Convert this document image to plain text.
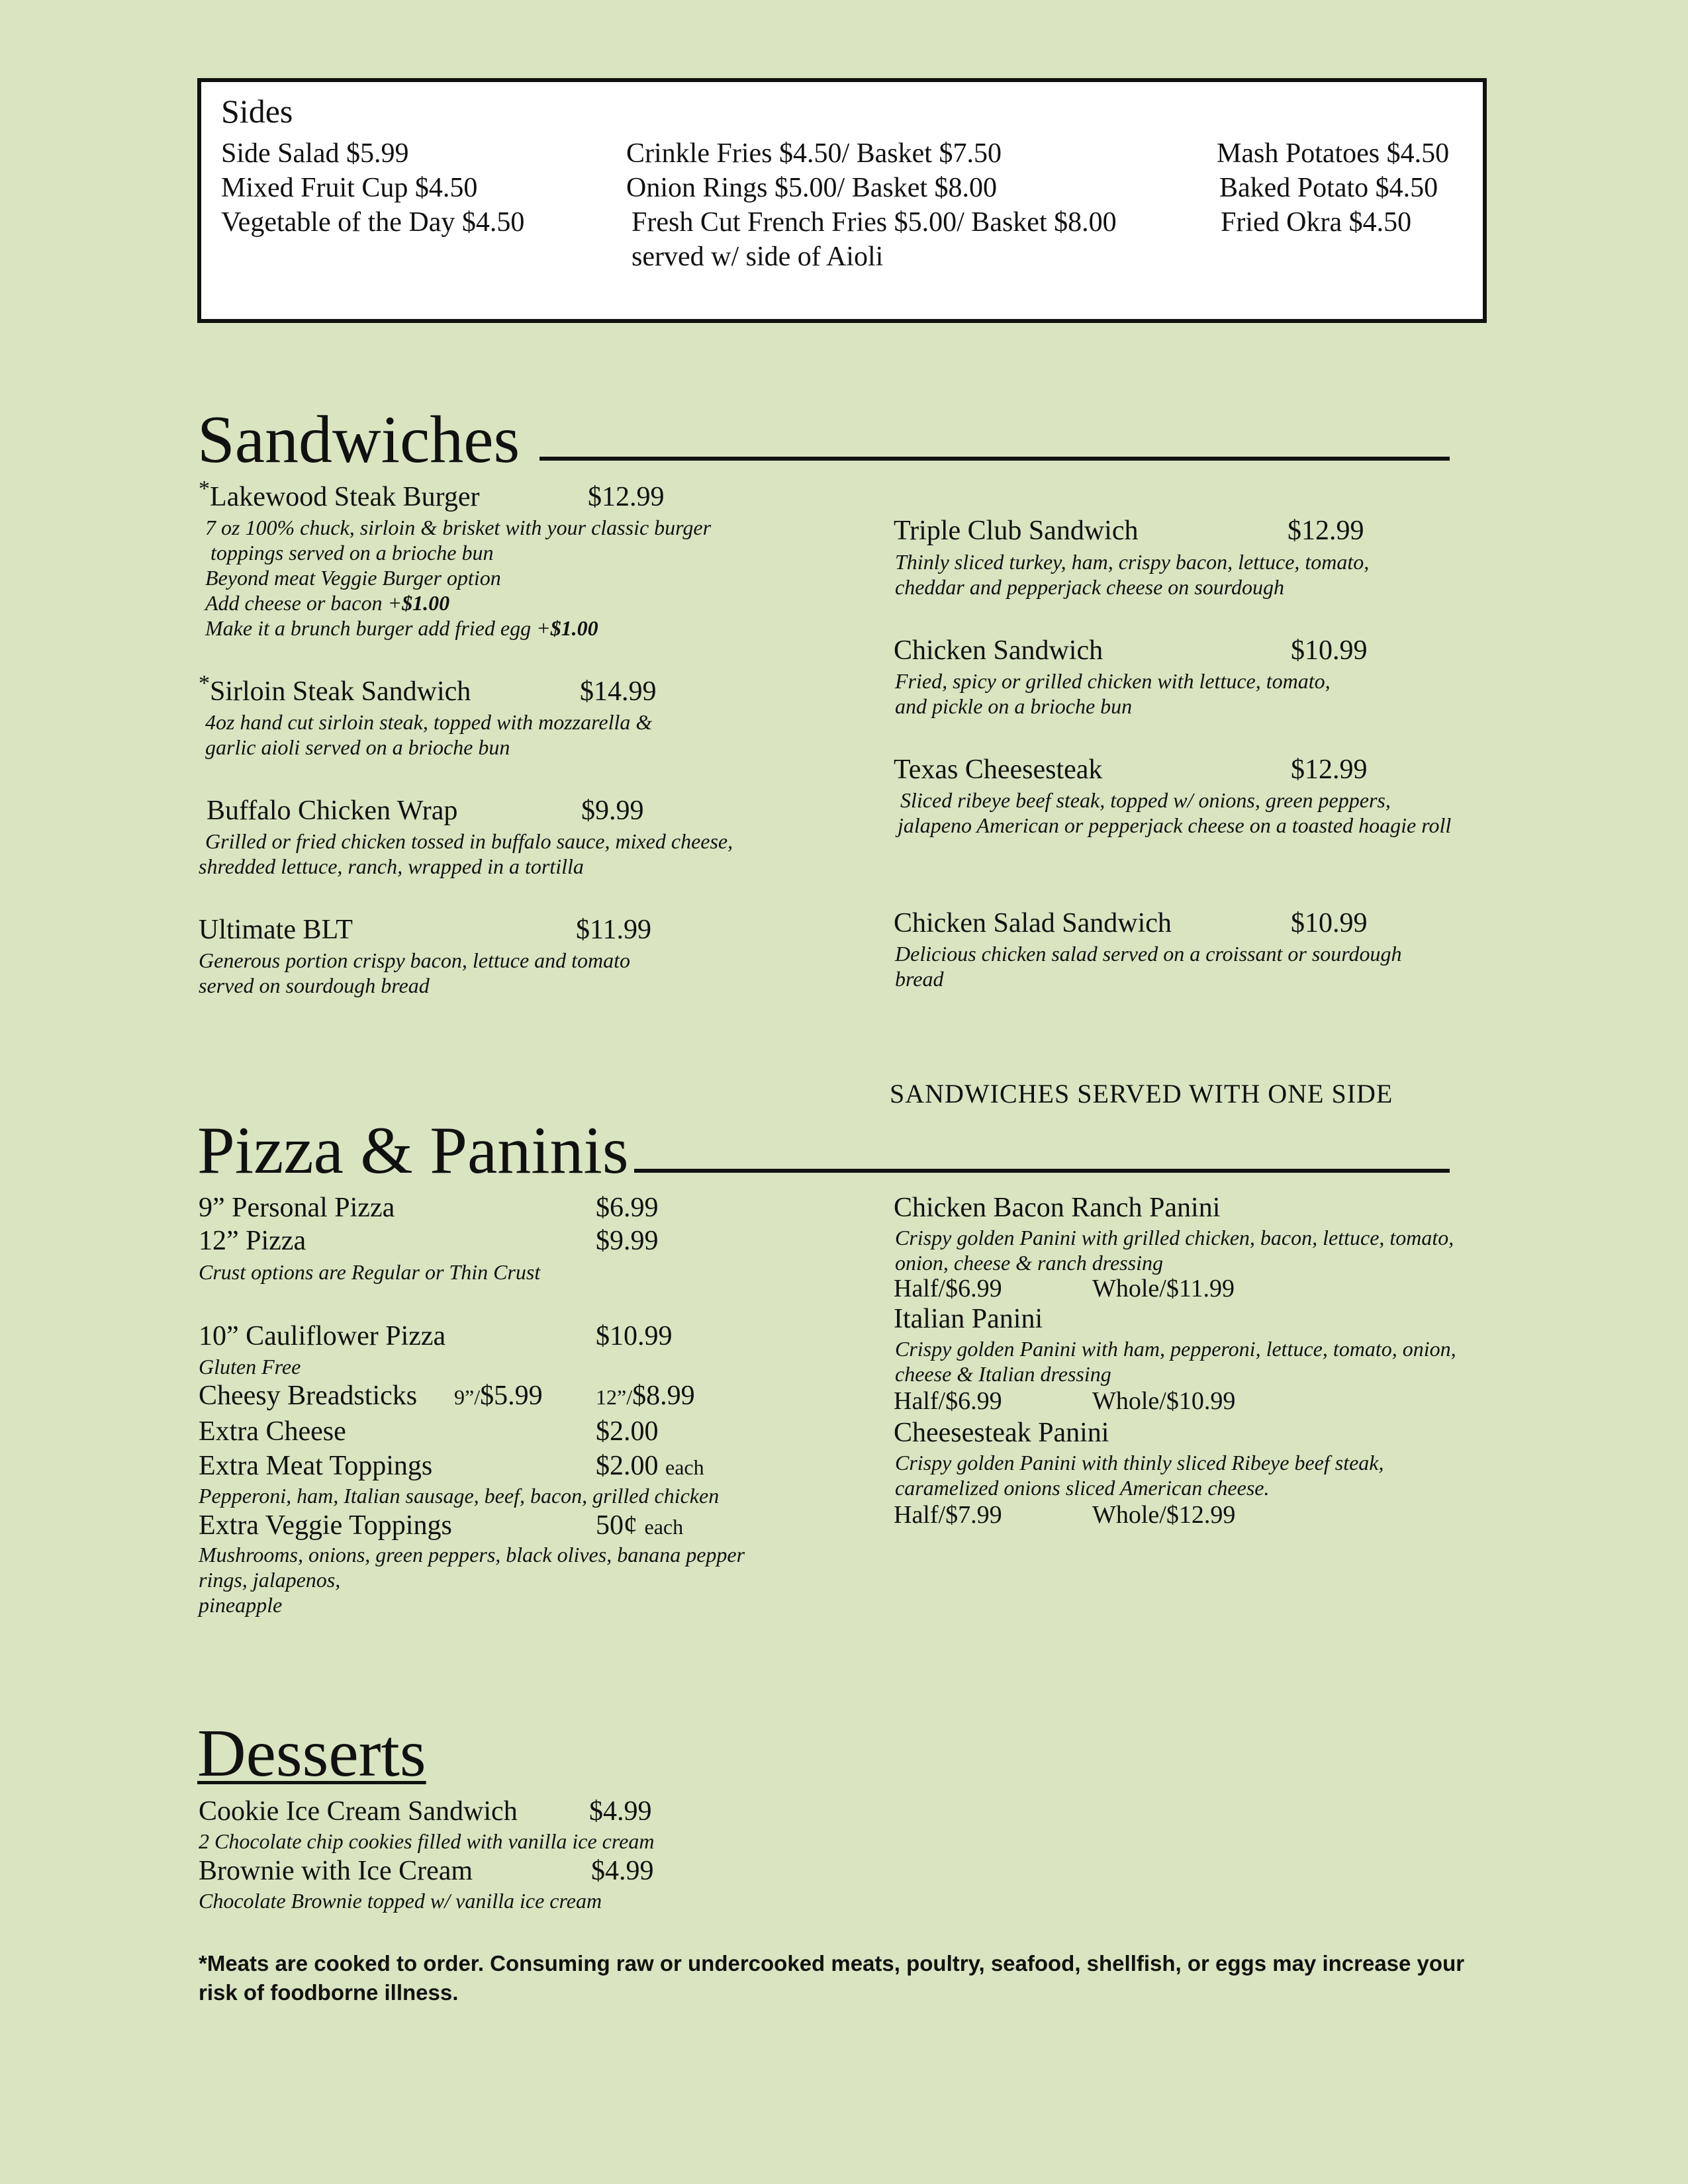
Sides
Side Salad $5.99
Mixed Fruit Cup $4.50
Vegetable of the Day $4.50
Crinkle Fries $4.50/ Basket $7.50
Onion Rings $5.00/ Basket $8.00
Fresh Cut French Fries $5.00/ Basket $8.00
served w/ side of Aioli
Mash Potatoes $4.50
Baked Potato $4.50
Fried Okra $4.50
Sandwiches
*Lakewood Steak Burger	$12.99
7 oz 100% chuck, sirloin & brisket with your classic burger
toppings served on a brioche bun
Beyond meat Veggie Burger option
Add cheese or bacon +$1.00
Make it a brunch burger add fried egg +$1.00
*Sirloin Steak Sandwich	$14.99
4oz hand cut sirloin steak, topped with mozzarella &
garlic aioli served on a brioche bun
Buffalo Chicken Wrap	$9.99
Grilled or fried chicken tossed in buffalo sauce, mixed cheese,
shredded lettuce, ranch, wrapped in a tortilla
Ultimate BLT	$11.99
Generous portion crispy bacon, lettuce and tomato
served on sourdough bread
Triple Club Sandwich	$12.99
Thinly sliced turkey, ham, crispy bacon, lettuce, tomato,
cheddar and pepperjack cheese on sourdough
Chicken Sandwich	$10.99
Fried, spicy or grilled chicken with lettuce, tomato,
and pickle on a brioche bun
Texas Cheesesteak	$12.99
Sliced ribeye beef steak, topped w/ onions, green peppers,
jalapeno American or pepperjack cheese on a toasted hoagie roll
Chicken Salad Sandwich	$10.99
Delicious chicken salad served on a croissant or sourdough
bread
SANDWICHES SERVED WITH ONE SIDE
Pizza & Paninis
9” Personal Pizza	$6.99
12” Pizza	$9.99
Crust options are Regular or Thin Crust
10” Cauliflower Pizza	$10.99
Gluten Free
Cheesy Breadsticks 9”/$5.99	12”/$8.99
Extra Cheese	$2.00
Extra Meat Toppings	$2.00 each
Pepperoni, ham, Italian sausage, beef, bacon, grilled chicken
Extra Veggie Toppings	50¢ each
Mushrooms, onions, green peppers, black olives, banana pepper
rings, jalapenos,
pineapple
Chicken Bacon Ranch Panini
Crispy golden Panini with grilled chicken, bacon, lettuce, tomato,
onion, cheese & ranch dressing
Half/$6.99	Whole/$11.99
Italian Panini
Crispy golden Panini with ham, pepperoni, lettuce, tomato, onion,
cheese & Italian dressing
Half/$6.99	Whole/$10.99
Cheesesteak Panini
Crispy golden Panini with thinly sliced Ribeye beef steak,
caramelized onions sliced American cheese.
Half/$7.99	Whole/$12.99
Desserts
Cookie Ice Cream Sandwich	$4.99
2 Chocolate chip cookies filled with vanilla ice cream
Brownie with Ice Cream	$4.99
Chocolate Brownie topped w/ vanilla ice cream
*Meats are cooked to order. Consuming raw or undercooked meats, poultry, seafood, shellfish, or eggs may increase your risk of foodborne illness.
